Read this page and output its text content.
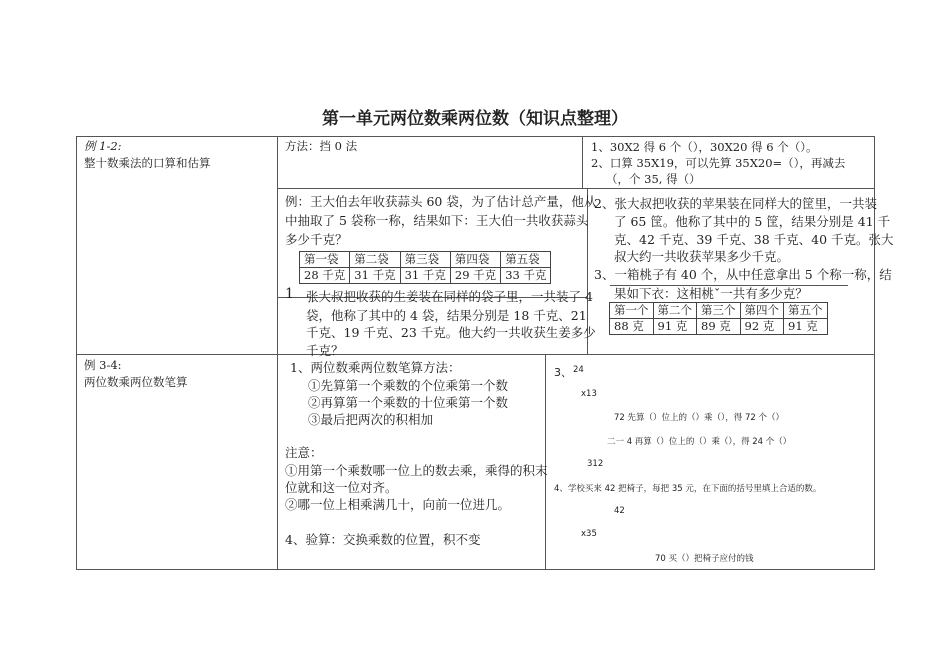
第一单元两位数乘两位数（知识点整理）
例 1-2:
整十数乘法的口算和估算
方法：挡 0 法	1、30X2 得 6 个（），30X20 得 6 个（）。
2、口算 35X19，可以先算 35X20=（），再减去
（，个 35, 得（）
例：王大伯去年收获蒜头 60 袋，为了估计总产量，他从
中抽取了 5 袋称一称，结果如下：王大伯一共收获蒜头
多少千克？
第一袋	第二袋	第三袋	第四袋	第五袋
28 千克	31 千克	31 千克	29 千克	33 千克
1 张大叔把收获的生姜装在同样的袋子里，一共装了 4
袋，他称了其中的 4 袋，结果分别是 18 千克、21
千克、19 千克、23 千克。他大约一共收获生姜多少
千克？
2、张大叔把收获的苹果装在同样大的筐里，一共装
了 65 筐。他称了其中的 5 筐，结果分别是 41 千
克、42 千克、39 千克、38 千克、40 千克。张大
叔大约一共收获苹果多少千克。
3、一箱桃子有 40 个，从中任意拿出 5 个称一称，结
果如下衣：这相桃ˇ一共有多少克？
第一个	第二个	第三个	第四个	第五个
88 克	91 克	89 克	92 克	91 克
例 3-4:
两位数乘两位数笔算
1、两位数乘两位数笔算方法：
①先算第一个乘数的个位乘第一个数
②再算第一个乘数的十位乘第一个数
③最后把两次的积相加
注意：
①用第一个乘数哪一位上的数去乘，乘得的积末
位就和这一位对齐。
②哪一位上相乘满几十，向前一位进几。
4、验算：交换乘数的位置，积不变
3、 24
x13
72 先算（）位上的（）乘（），得 72 个（）
二一 4 再算（）位上的（）乘（），得 24 个（）
312
4、学校买来 42 把椅子，每把 35 元，在下面的括号里填上合适的数。
42
x35
70 买（）把椅子应付的钱
